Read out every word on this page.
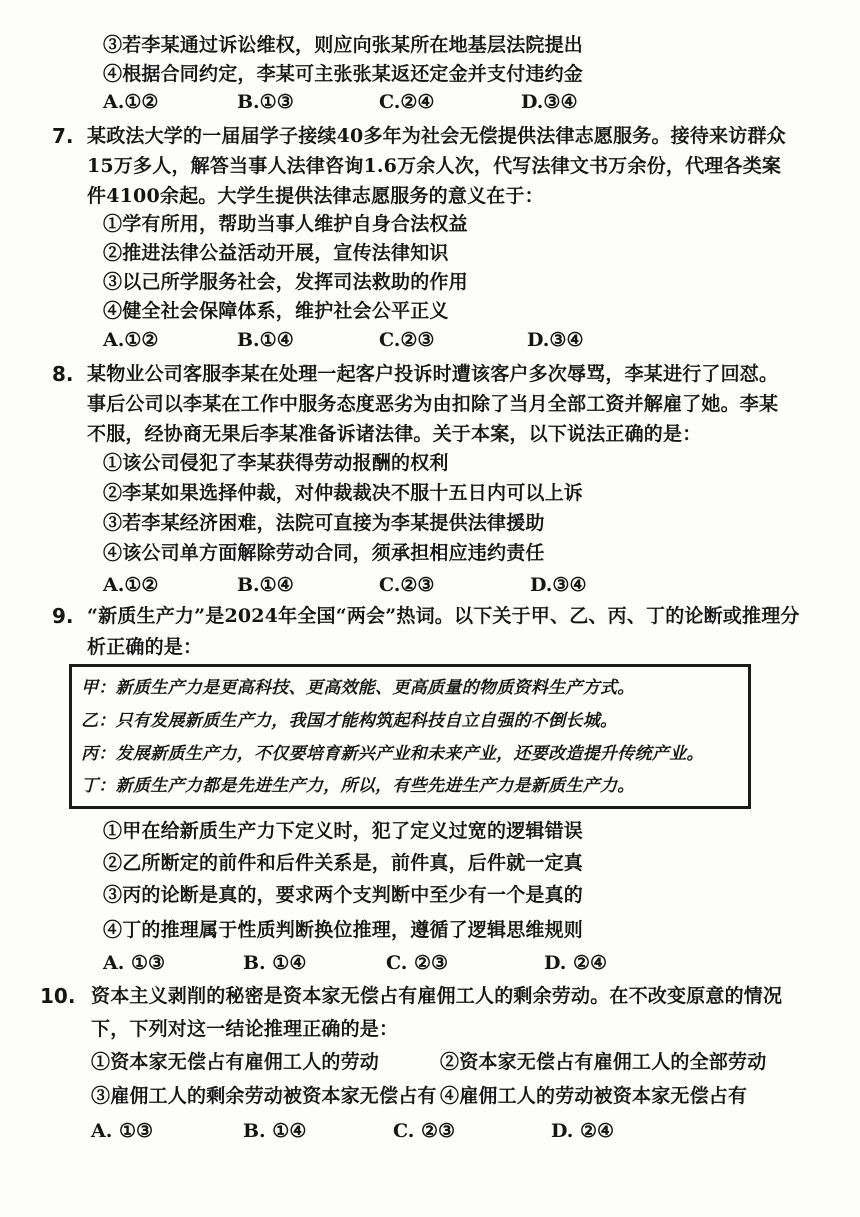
③若李某通过诉讼维权，则应向张某所在地基层法院提出
④根据合同约定，李某可主张张某返还定金并支付违约金
A.①②	B.①③	C.②④	D.③④
7. 某政法大学的一届届学子接续40多年为社会无偿提供法律志愿服务。接待来访群众
15万多人，解答当事人法律咨询1.6万余人次，代写法律文书万余份，代理各类案
件4100余起。大学生提供法律志愿服务的意义在于：
①学有所用，帮助当事人维护自身合法权益
②推进法律公益活动开展，宣传法律知识
③以己所学服务社会，发挥司法救助的作用
④健全社会保障体系，维护社会公平正义
A.①②	B.①④	C.②③	D.③④
8. 某物业公司客服李某在处理一起客户投诉时遭该客户多次辱骂，李某进行了回怼。
事后公司以李某在工作中服务态度恶劣为由扣除了当月全部工资并解雇了她。李某
不服，经协商无果后李某准备诉诸法律。关于本案，以下说法正确的是：
①该公司侵犯了李某获得劳动报酬的权利
②李某如果选择仲裁，对仲裁裁决不服十五日内可以上诉
③若李某经济困难，法院可直接为李某提供法律援助
④该公司单方面解除劳动合同，须承担相应违约责任
A.①②	B.①④	C.②③	D.③④
9. “新质生产力”是2024年全国“两会”热词。以下关于甲、乙、丙、丁的论断或推理分
析正确的是：
甲：新质生产力是更高科技、更高效能、更高质量的物质资料生产方式。
乙：只有发展新质生产力，我国才能构筑起科技自立自强的不倒长城。
丙：发展新质生产力，不仅要培育新兴产业和未来产业，还要改造提升传统产业。
丁：新质生产力都是先进生产力，所以，有些先进生产力是新质生产力。
①甲在给新质生产力下定义时，犯了定义过宽的逻辑错误
②乙所断定的前件和后件关系是，前件真，后件就一定真
③丙的论断是真的，要求两个支判断中至少有一个是真的
④丁的推理属于性质判断换位推理，遵循了逻辑思维规则
A. ①③	B. ①④	C. ②③	D. ②④
10. 资本主义剥削的秘密是资本家无偿占有雇佣工人的剩余劳动。在不改变原意的情况
下，下列对这一结论推理正确的是：
①资本家无偿占有雇佣工人的劳动	②资本家无偿占有雇佣工人的全部劳动
③雇佣工人的剩余劳动被资本家无偿占有 ④雇佣工人的劳动被资本家无偿占有
A. ①③	B. ①④	C. ②③	D. ②④
